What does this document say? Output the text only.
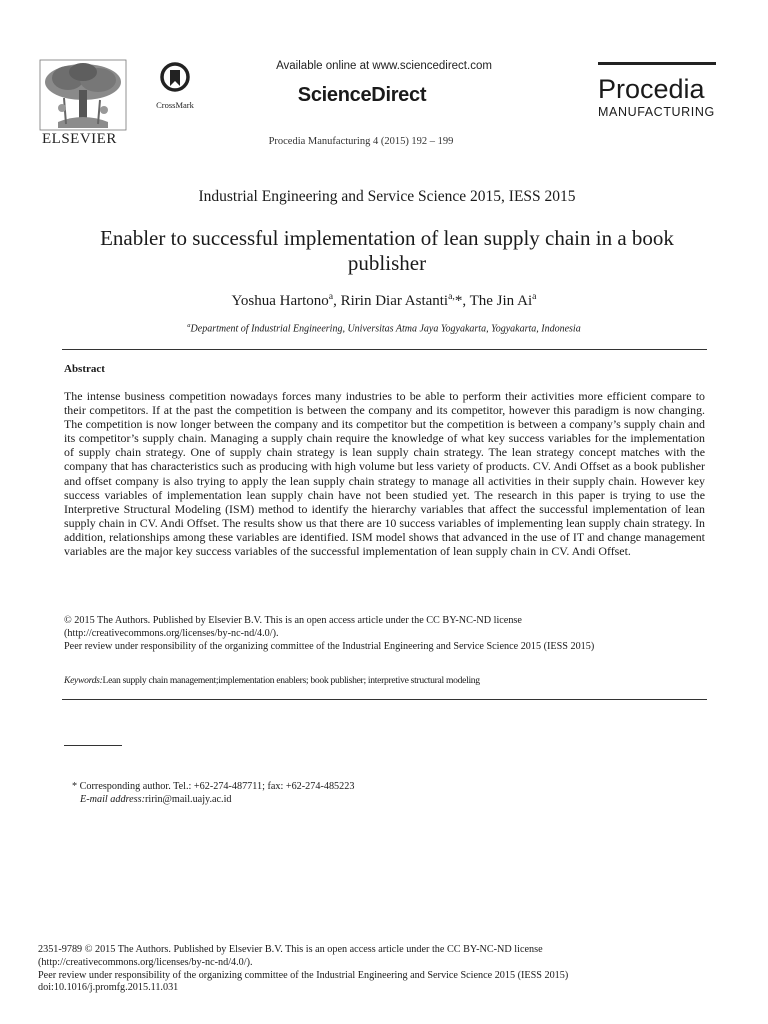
ELSEVIER
CrossMark
Available online at www.sciencedirect.com
ScienceDirect
Procedia Manufacturing 4 (2015) 192 – 199
Procedia
MANUFACTURING
Industrial Engineering and Service Science 2015, IESS 2015
Enabler to successful implementation of lean supply chain in a book publisher
Yoshua Hartono$^a$, Ririn Diar Astanti$^{a,}$*, The Jin Ai$^a$
$^a$Department of Industrial Engineering, Universitas Atma Jaya Yogyakarta, Yogyakarta, Indonesia
Abstract

The intense business competition nowadays forces many industries to be able to perform their activities more efficient compare to their competitors. If at the past the competition is between the company and its competitor, however this paradigm is now changing. The competition is now longer between the company and its competitor but the competition is between a company’s supply chain and its competitor’s supply chain. Managing a supply chain require the knowledge of what key success variables for the implementation of supply chain strategy. One of supply chain strategy is lean supply chain strategy. The lean strategy concept matches with the company that has characteristics such as producing with high volume but less variety of products. CV. Andi Offset as a book publisher and offset company is also trying to apply the lean supply chain strategy to manage all activities in their supply chain. However key success variables of implementation lean supply chain have not been studied yet. The research in this paper is trying to use the Interpretive Structural Modeling (ISM) method to identify the hierarchy variables that affect the successful implementation of lean supply chain in CV. Andi Offset. The results show us that there are 10 success variables of implementing lean supply chain strategy. In addition, relationships among these variables are identified. ISM model shows that advanced in the use of IT and change management variables are the major key success variables of the successful implementation of lean supply chain in CV. Andi Offset.

© 2015 The Authors. Published by Elsevier B.V. This is an open access article under the CC BY-NC-ND license

(http://creativecommons.org/licenses/by-nc-nd/4.0/).

Peer review under responsibility of the organizing committee of the Industrial Engineering and Service Science 2015 (IESS 2015)

Keywords:Lean supply chain management;implementation enablers; book publisher; interpretive structural modeling

* Corresponding author. Tel.: +62-274-487711; fax: +62-274-485223

E-mail address:ririn@mail.uajy.ac.id

2351-9789 © 2015 The Authors. Published by Elsevier B.V. This is an open access article under the CC BY-NC-ND license

(http://creativecommons.org/licenses/by-nc-nd/4.0/).

Peer review under responsibility of the organizing committee of the Industrial Engineering and Service Science 2015 (IESS 2015)

doi:10.1016/j.promfg.2015.11.031
